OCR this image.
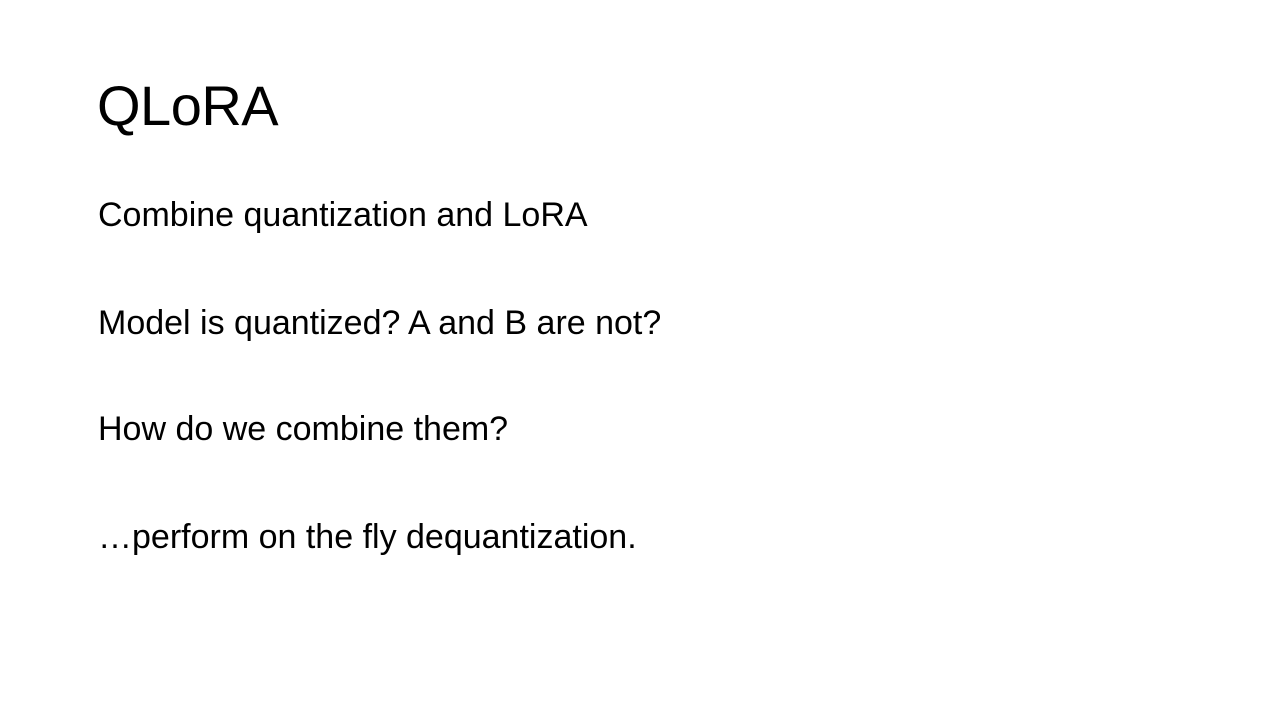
QLoRA

Combine quantization and LoRA

Model is quantized? A and B are not?

How do we combine them?

…perform on the fly dequantization.
